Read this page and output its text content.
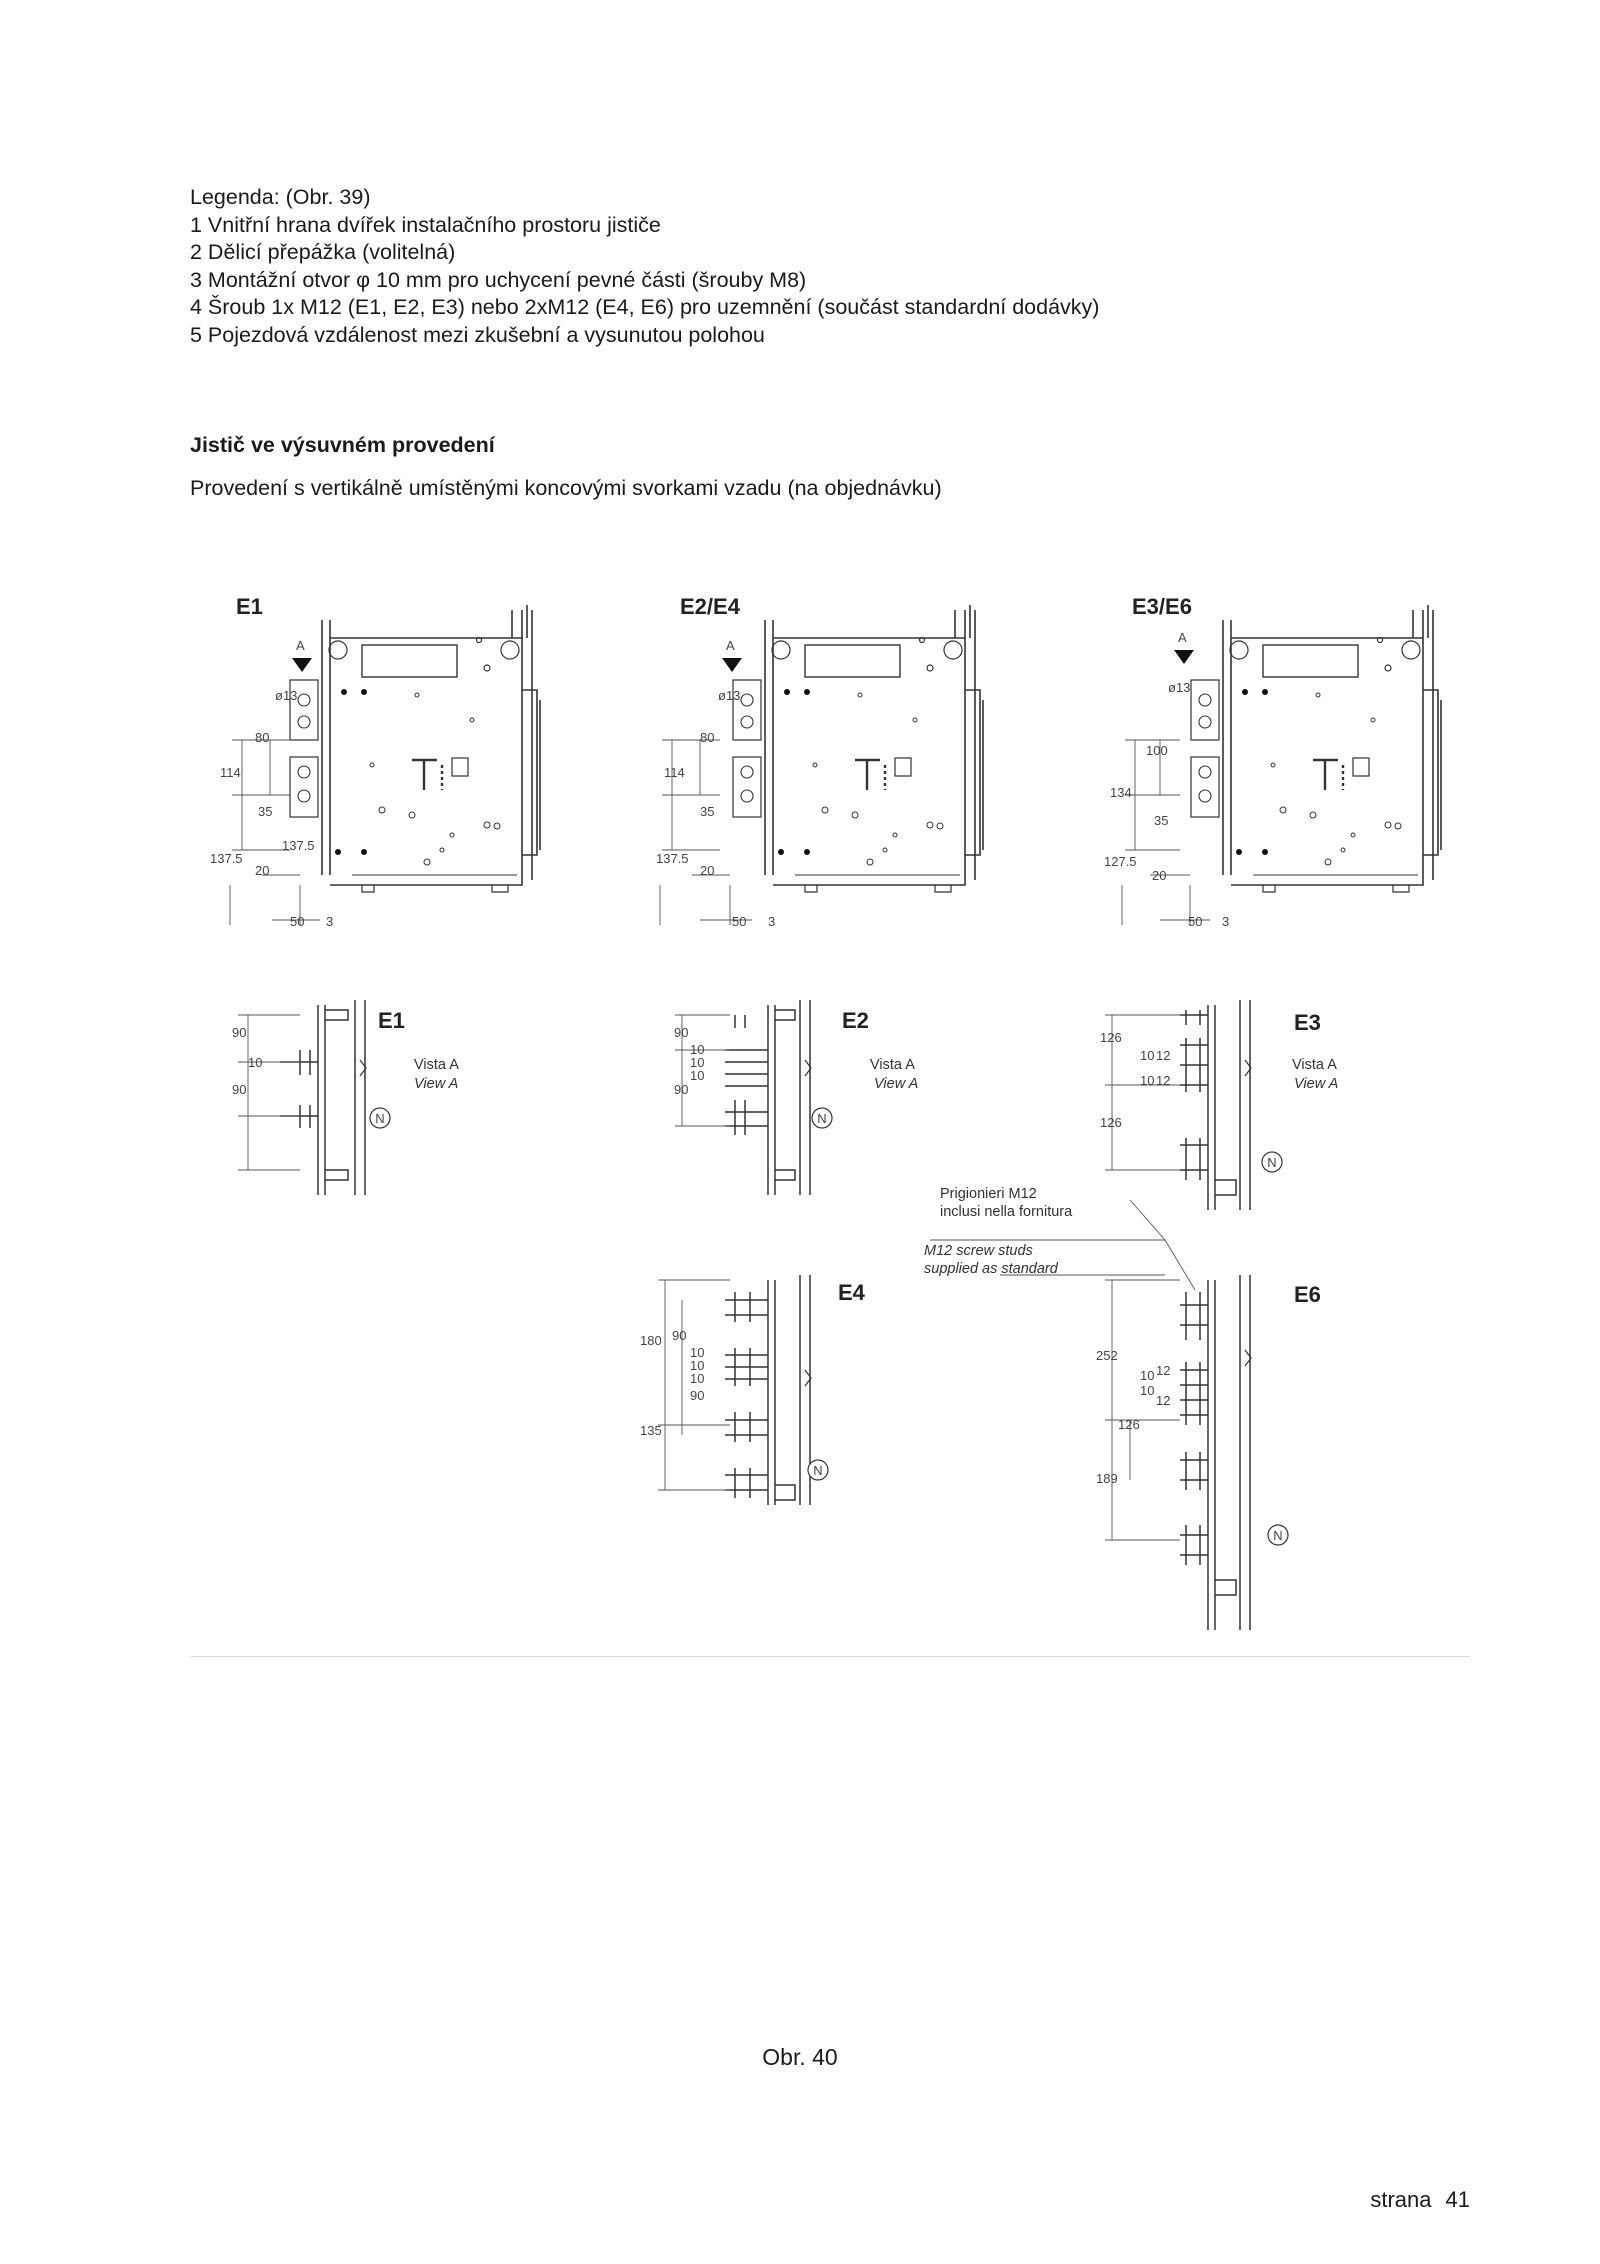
Legenda: (Obr. 39)
1 Vnitřní hrana dvířek instalačního prostoru jističe
2 Dělicí přepážka (volitelná)
3 Montážní otvor φ 10 mm pro uchycení pevné části (šrouby M8)
4 Šroub 1x M12 (E1, E2, E3) nebo 2xM12 (E4, E6) pro uzemnění (součást standardní dodávky)
5 Pojezdová vzdálenost mezi zkušební a vysunutou polohou
Jistič ve výsuvném provedení
Provedení s vertikálně umístěnými koncovými svorkami vzadu (na objednávku)
N	N
N
N
N
E1	E2/E4	E3/E6
A	A
A
ø13
80
114
35
137.5
137.5
20
50 3
ø13
80
114
35
137.5
20
50 3
ø13
100
134
35
127.5
20
50 3
E1	E2	E3
E4	E6
Vista A
View A
Vista A
View A
Vista A
View A
90
10
90
90
10
10
10
90
126
10 12
10 12
126
180 90
10
10
10
90
135
252
10 12
10
12
126
189
Prigionieri M12
inclusi nella fornitura
M12 screw studs
supplied as standard
Obr. 40
strana 41
